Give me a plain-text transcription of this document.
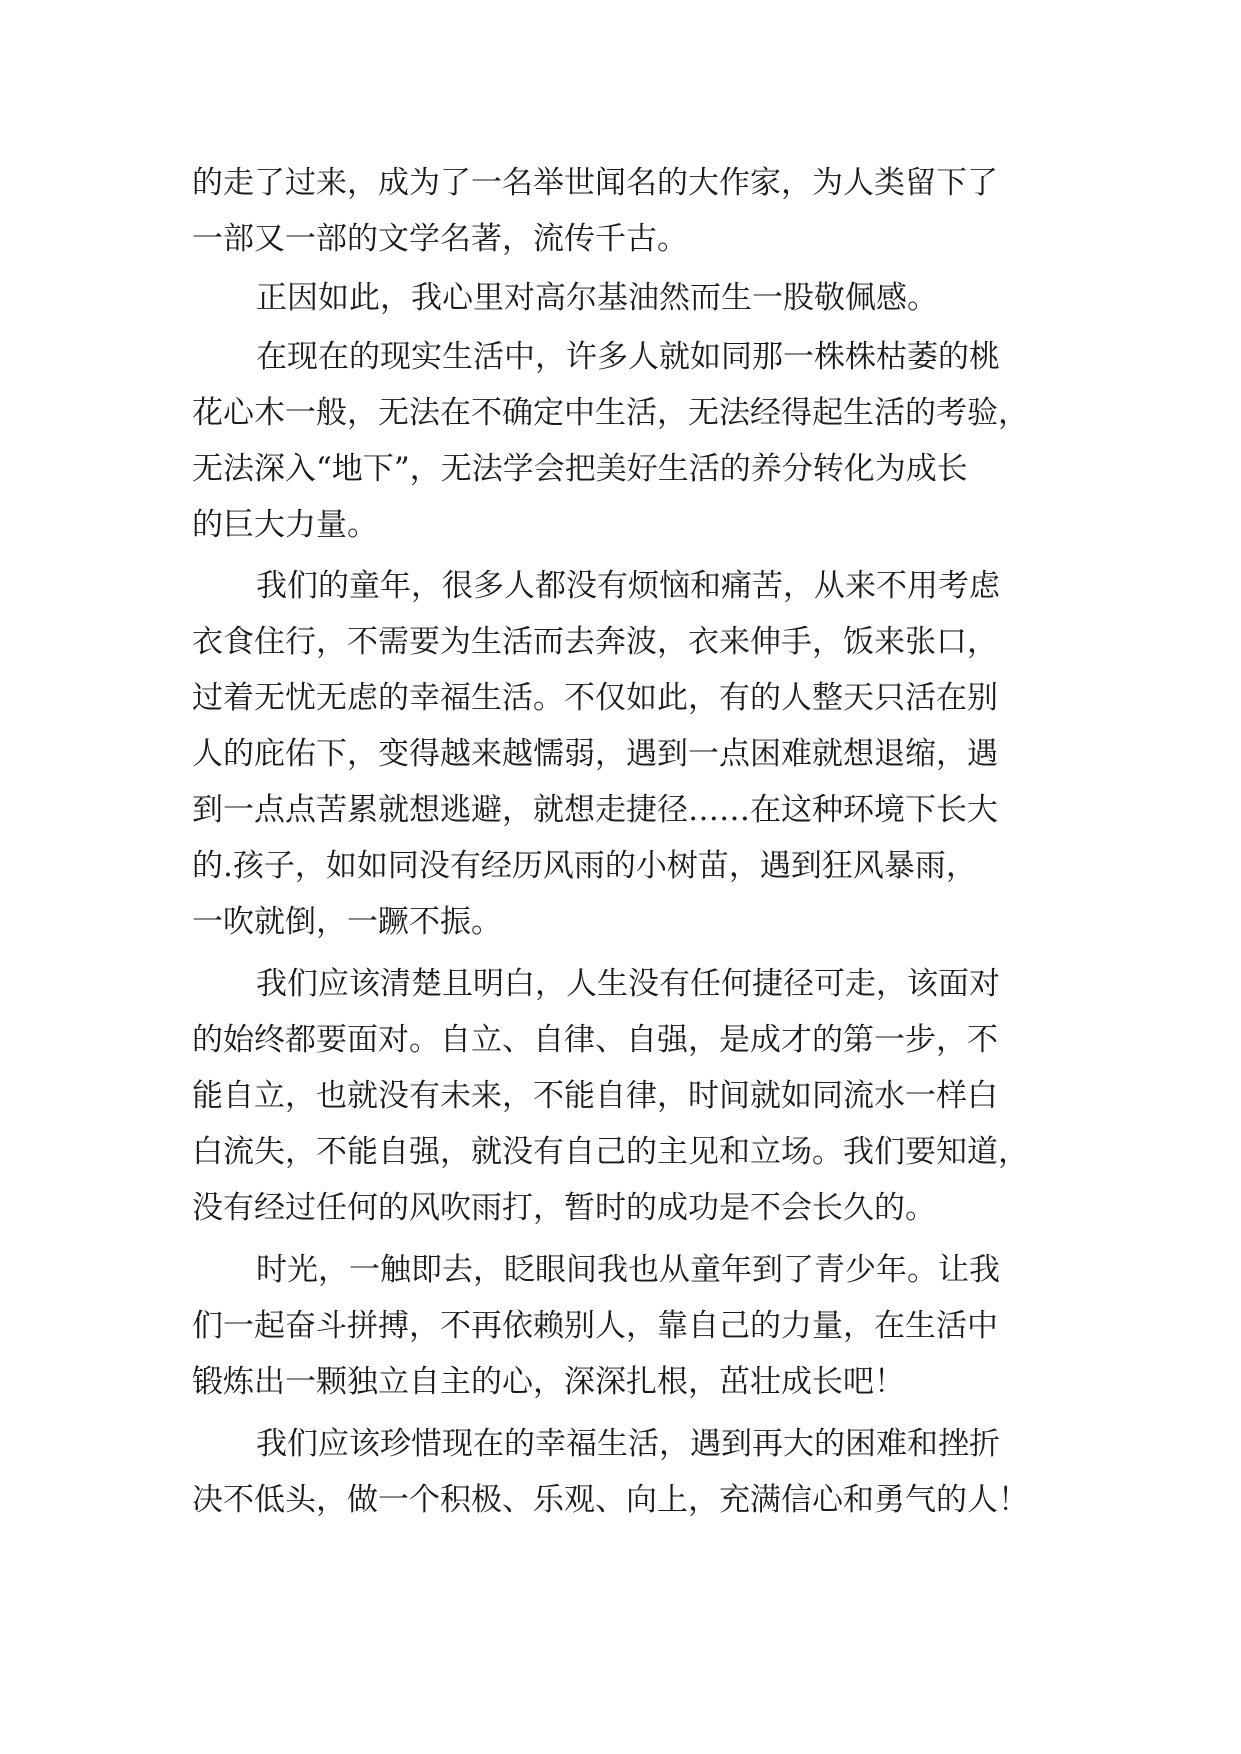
的走了过来，成为了一名举世闻名的大作家，为人类留下了
一部又一部的文学名著，流传千古。
正因如此，我心里对高尔基油然而生一股敬佩感。
在现在的现实生活中，许多人就如同那一株株枯萎的桃
花心木一般，无法在不确定中生活，无法经得起生活的考验，
无法深入“地下”，无法学会把美好生活的养分转化为成长
的巨大力量。
我们的童年，很多人都没有烦恼和痛苦，从来不用考虑
衣食住行，不需要为生活而去奔波，衣来伸手，饭来张口，
过着无忧无虑的幸福生活。不仅如此，有的人整天只活在别
人的庇佑下，变得越来越懦弱，遇到一点困难就想退缩，遇
到一点点苦累就想逃避，就想走捷径……在这种环境下长大
的.孩子，如如同没有经历风雨的小树苗，遇到狂风暴雨，
一吹就倒，一蹶不振。
我们应该清楚且明白，人生没有任何捷径可走，该面对
的始终都要面对。自立、自律、自强，是成才的第一步，不
能自立，也就没有未来，不能自律，时间就如同流水一样白
白流失，不能自强，就没有自己的主见和立场。我们要知道，
没有经过任何的风吹雨打，暂时的成功是不会长久的。
时光，一触即去，眨眼间我也从童年到了青少年。让我
们一起奋斗拼搏，不再依赖别人，靠自己的力量，在生活中
锻炼出一颗独立自主的心，深深扎根，茁壮成长吧！
我们应该珍惜现在的幸福生活，遇到再大的困难和挫折
决不低头，做一个积极、乐观、向上，充满信心和勇气的人！
